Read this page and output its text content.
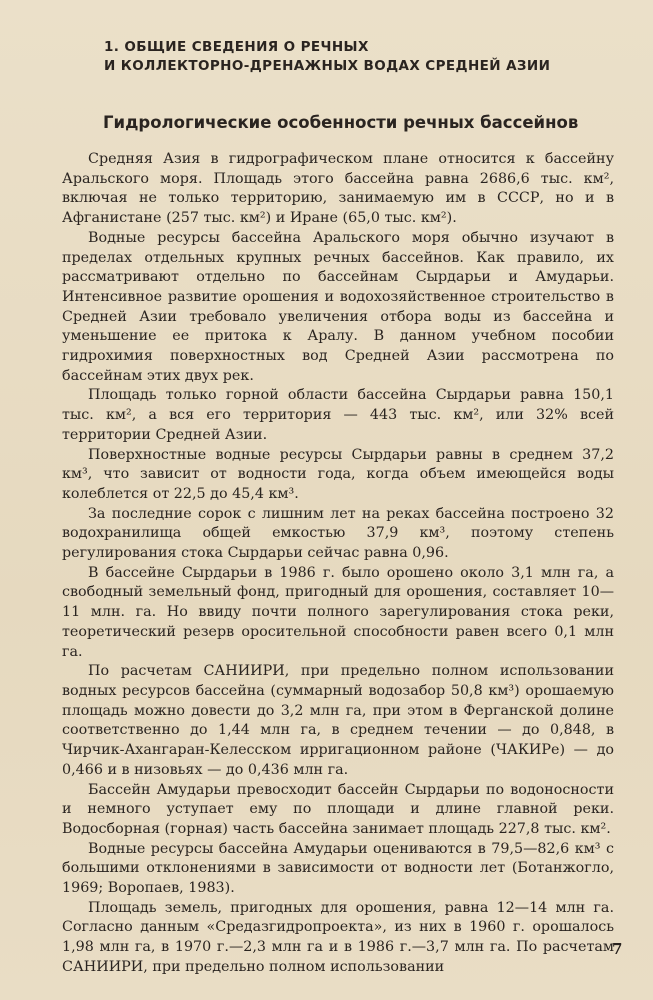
1. ОБЩИЕ СВЕДЕНИЯ О РЕЧНЫХ
И КОЛЛЕКТОРНО-ДРЕНАЖНЫХ ВОДАХ СРЕДНЕЙ АЗИИ
Гидрологические особенности речных бассейнов

Средняя Азия в гидрографическом плане относится к бассейну Аральского моря. Площадь этого бассейна равна 2686,6 тыс. км², включая не только территорию, занимаемую им в СССР, но и в Афганистане (257 тыс. км²) и Иране (65,0 тыс. км²).

Водные ресурсы бассейна Аральского моря обычно изучают в пределах отдельных крупных речных бассейнов. Как правило, их рассматривают отдельно по бассейнам Сырдарьи и Амударьи. Интенсивное развитие орошения и водохозяйственное строительство в Средней Азии требовало увеличения отбора воды из бассейна и уменьшение ее притока к Аралу. В данном учебном пособии гидрохимия поверхностных вод Средней Азии рассмотрена по бассейнам этих двух рек.

Площадь только горной области бассейна Сырдарьи равна 150,1 тыс. км², а вся его территория — 443 тыс. км², или 32% всей территории Средней Азии.

Поверхностные водные ресурсы Сырдарьи равны в среднем 37,2 км³, что зависит от водности года, когда объем имеющейся воды колеблется от 22,5 до 45,4 км³.

За последние сорок с лишним лет на реках бассейна построено 32 водохранилища общей емкостью 37,9 км³, поэтому степень регулирования стока Сырдарьи сейчас равна 0,96.

В бассейне Сырдарьи в 1986 г. было орошено около 3,1 млн га, а свободный земельный фонд, пригодный для орошения, составляет 10—11 млн. га. Но ввиду почти полного зарегулирования стока реки, теоретический резерв оросительной способности равен всего 0,1 млн га.

По расчетам САНИИРИ, при предельно полном использовании водных ресурсов бассейна (суммарный водозабор 50,8 км³) орошаемую площадь можно довести до 3,2 млн га, при этом в Ферганской долине соответственно до 1,44 млн га, в среднем течении — до 0,848, в Чирчик-Ахангаран-Келесском ирригационном районе (ЧАКИРе) — до 0,466 и в низовьях — до 0,436 млн га.

Бассейн Амударьи превосходит бассейн Сырдарьи по водоносности и немного уступает ему по площади и длине главной реки. Водосборная (горная) часть бассейна занимает площадь 227,8 тыс. км².

Водные ресурсы бассейна Амударьи оцениваются в 79,5—82,6 км³ с большими отклонениями в зависимости от водности лет (Ботанжогло, 1969; Воропаев, 1983).

Площадь земель, пригодных для орошения, равна 12—14 млн га. Согласно данным «Средазгидропроекта», из них в 1960 г. орошалось 1,98 млн га, в 1970 г.—2,3 млн га и в 1986 г.—3,7 млн га. По расчетам САНИИРИ, при предельно полном использовании

7
